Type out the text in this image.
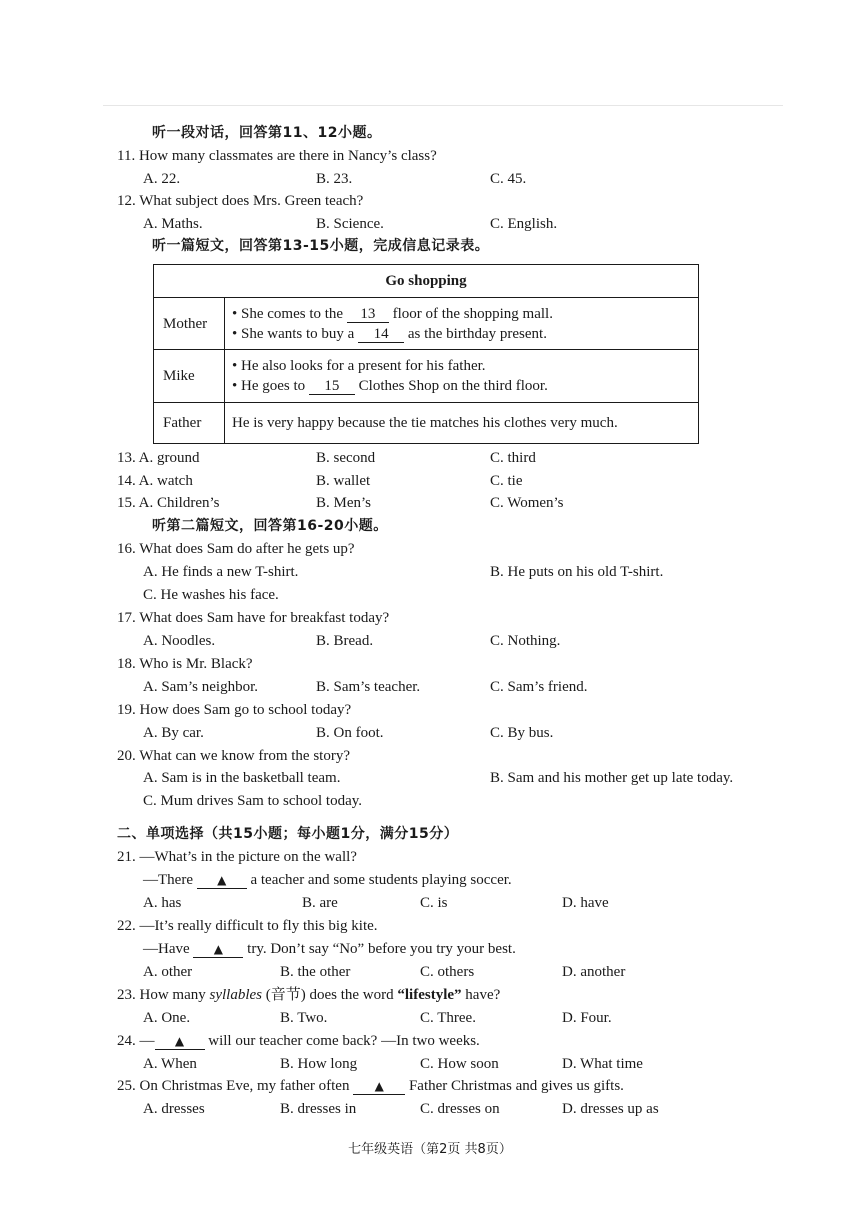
听一段对话，回答第11、12小题。
11. How many classmates are there in Nancy’s class?
A. 22.	B. 23.	C. 45.
12. What subject does Mrs. Green teach?
A. Maths.	B. Science.	C. English.
听一篇短文，回答第13-15小题，完成信息记录表。
Go shopping	
Mother	• She comes to the 13 floor of the shopping mall.
• She wants to buy a 14 as the birthday present.

Mike	• He also looks for a present for his father.
• He goes to 15 Clothes Shop on the third floor.

Father	He is very happy because the tie matches his clothes very much.
13. A. ground	B. second	C. third
14. A. watch	B. wallet	C. tie
15. A. Children’s	B. Men’s	C. Women’s
听第二篇短文，回答第16-20小题。
16. What does Sam do after he gets up?
A. He finds a new T-shirt.	B. He puts on his old T-shirt.
C. He washes his face.
17. What does Sam have for breakfast today?
A. Noodles.	B. Bread.	C. Nothing.
18. Who is Mr. Black?
A. Sam’s neighbor.	B. Sam’s teacher.	C. Sam’s friend.
19. How does Sam go to school today?
A. By car.	B. On foot.	C. By bus.
20. What can we know from the story?
A. Sam is in the basketball team.	B. Sam and his mother get up late today.
C. Mum drives Sam to school today.
二、单项选择（共15小题；每小题1分，满分15分）
21. —What’s in the picture on the wall?
—There ▲ a teacher and some students playing soccer.
A. has	B. are	C. is	D. have
22. —It’s really difficult to fly this big kite.
—Have ▲ try. Don’t say “No” before you try your best.
A. other	B. the other	C. others	D. another
23. How many syllables (音节) does the word “lifestyle” have?
A. One.	B. Two.	C. Three.	D. Four.
24. — ▲ will our teacher come back? —In two weeks.
A. When	B. How long	C. How soon	D. What time
25. On Christmas Eve, my father often ▲ Father Christmas and gives us gifts.
A. dresses	B. dresses in	C. dresses on	D. dresses up as
七年级英语（第2页 共8页）
